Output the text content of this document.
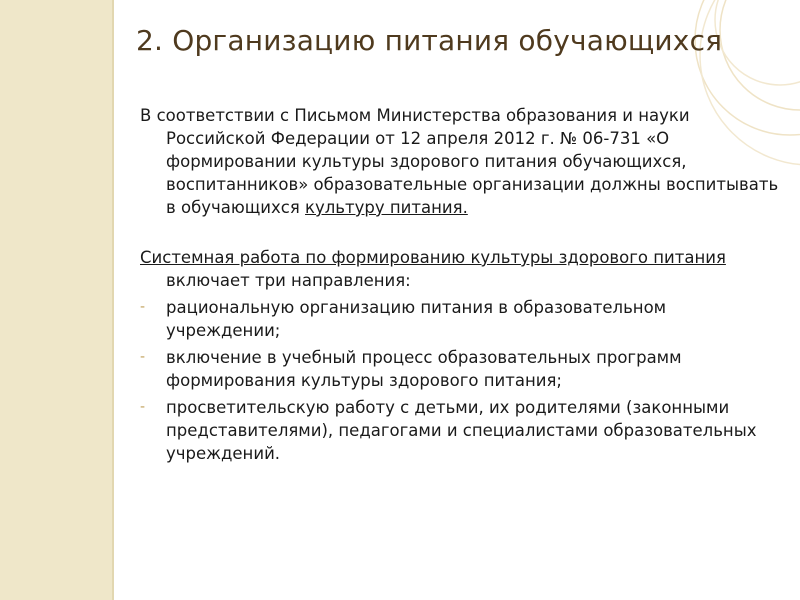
2. Организацию питания обучающихся

В соответствии с Письмом Министерства образования и науки Российской Федерации от 12 апреля 2012 г. № 06-731 «О формировании культуры здорового питания обучающихся, воспитанников» образовательные организации должны воспитывать в обучающихся культуру питания.

Системная работа по формированию культуры здорового питания включает три направления:

- рациональную организацию питания в образовательном учреждении;
- включение в учебный процесс образовательных программ формирования культуры здорового питания;
- просветительскую работу с детьми, их родителями (законными представителями), педагогами и специалистами образовательных учреждений.
